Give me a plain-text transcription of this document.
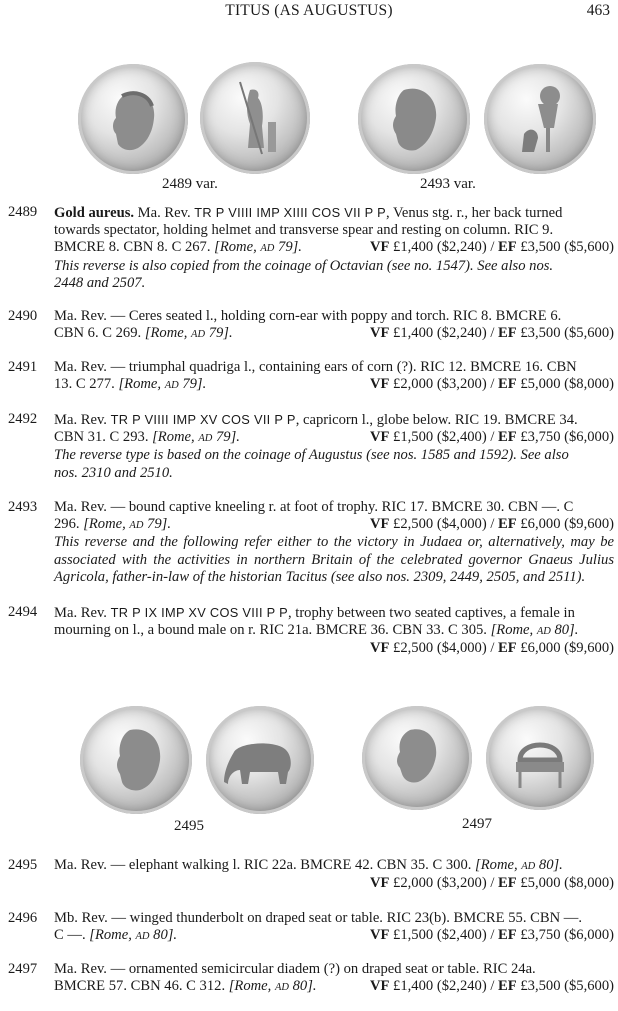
TITUS (AS AUGUSTUS)	463
2489 var.	2493 var.
2489 Gold aureus. Ma. Rev. TR P VIIII IMP XIIII COS VII P P, Venus stg. r., her back turned
towards spectator, holding helmet and transverse spear and resting on column. RIC 9.
BMCRE 8. CBN 8. C 267. [Rome, AD 79].	VF £1,400 ($2,240) / EF £3,500 ($5,600)
This reverse is also copied from the coinage of Octavian (see no. 1547). See also nos.
2448 and 2507.
2490 Ma. Rev. — Ceres seated l., holding corn-ear with poppy and torch. RIC 8. BMCRE 6.
CBN 6. C 269. [Rome, AD 79].	VF £1,400 ($2,240) / EF £3,500 ($5,600)
2491 Ma. Rev. — triumphal quadriga l., containing ears of corn (?). RIC 12. BMCRE 16. CBN
13. C 277. [Rome, AD 79].	VF £2,000 ($3,200) / EF £5,000 ($8,000)
2492 Ma. Rev. TR P VIIII IMP XV COS VII P P, capricorn l., globe below. RIC 19. BMCRE 34.
CBN 31. C 293. [Rome, AD 79].	VF £1,500 ($2,400) / EF £3,750 ($6,000)
The reverse type is based on the coinage of Augustus (see nos. 1585 and 1592). See also
nos. 2310 and 2510.
2493 Ma. Rev. — bound captive kneeling r. at foot of trophy. RIC 17. BMCRE 30. CBN —. C
296. [Rome, AD 79].	VF £2,500 ($4,000) / EF £6,000 ($9,600)
This reverse and the following refer either to the victory in Judaea or, alternatively, may be
associated with the activities in northern Britain of the celebrated governor Gnaeus Julius
Agricola, father-in-law of the historian Tacitus (see also nos. 2309, 2449, 2505, and 2511).
2494 Ma. Rev. TR P IX IMP XV COS VIII P P, trophy between two seated captives, a female in
mourning on l., a bound male on r. RIC 21a. BMCRE 36. CBN 33. C 305. [Rome, AD 80].
VF £2,500 ($4,000) / EF £6,000 ($9,600)
2495	2497
2495 Ma. Rev. — elephant walking l. RIC 22a. BMCRE 42. CBN 35. C 300. [Rome, AD 80].
VF £2,000 ($3,200) / EF £5,000 ($8,000)
2496 Mb. Rev. — winged thunderbolt on draped seat or table. RIC 23(b). BMCRE 55. CBN —.
C —. [Rome, AD 80].	VF £1,500 ($2,400) / EF £3,750 ($6,000)
2497 Ma. Rev. — ornamented semicircular diadem (?) on draped seat or table. RIC 24a.
BMCRE 57. CBN 46. C 312. [Rome, AD 80].	VF £1,400 ($2,240) / EF £3,500 ($5,600)
